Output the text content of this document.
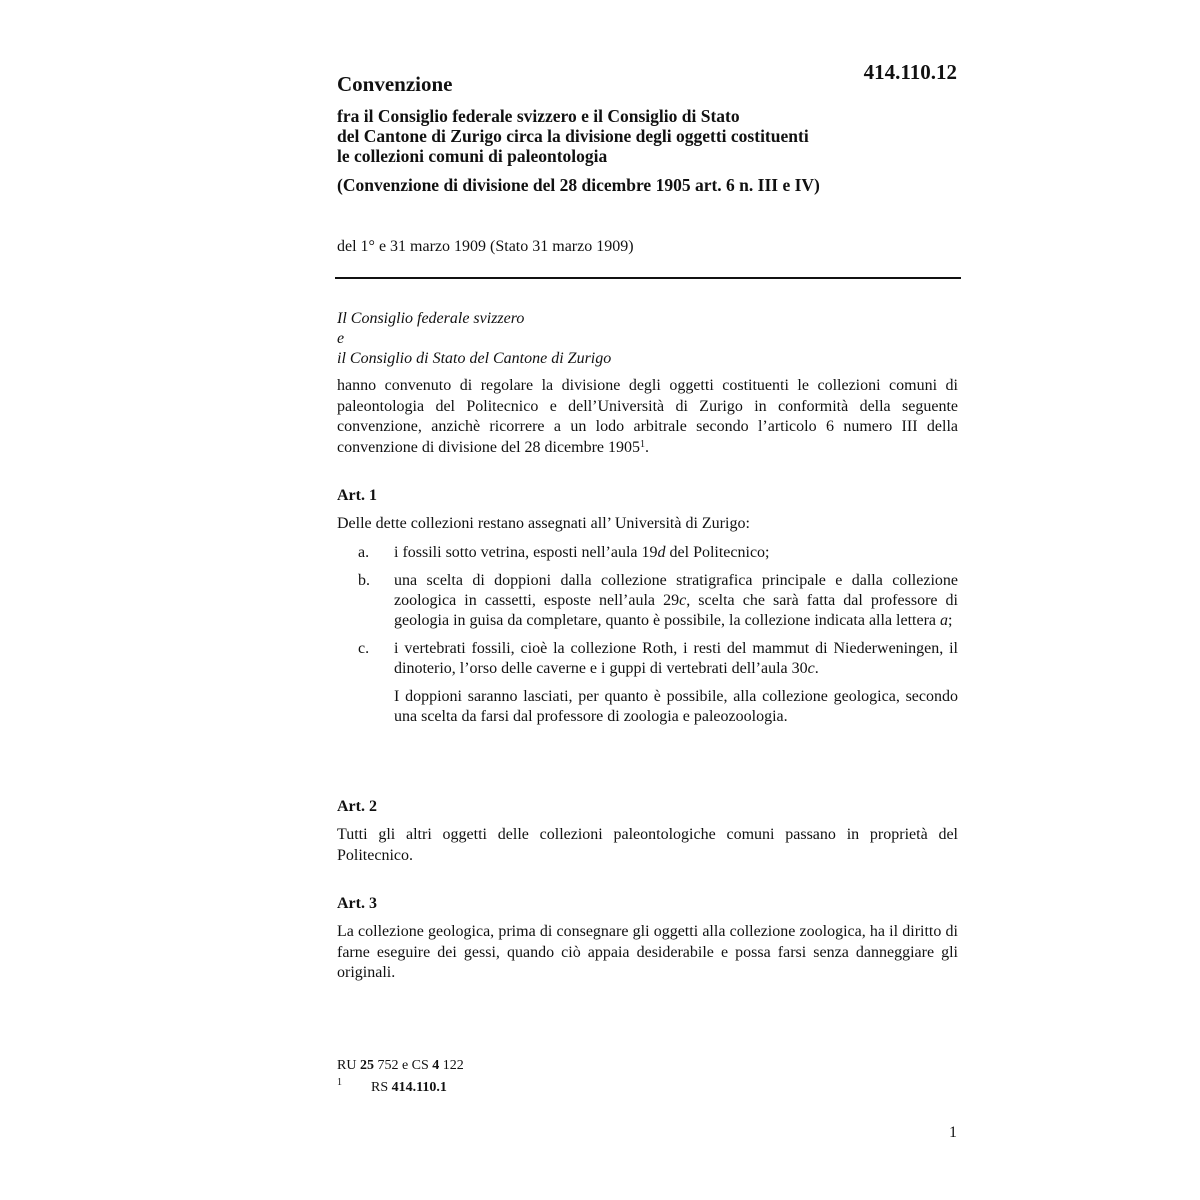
414.110.12
Convenzione
fra il Consiglio federale svizzero e il Consiglio di Stato
del Cantone di Zurigo circa la divisione degli oggetti costituenti
le collezioni comuni di paleontologia
(Convenzione di divisione del 28 dicembre 1905 art. 6 n. III e IV)
del 1° e 31 marzo 1909 (Stato 31 marzo 1909)
Il Consiglio federale svizzero
e
il Consiglio di Stato del Cantone di Zurigo

hanno convenuto di regolare la divisione degli oggetti costituenti le collezioni comuni di paleontologia del Politecnico e dell’Università di Zurigo in conformità della seguente convenzione, anzichè ricorrere a un lodo arbitrale secondo l’articolo 6 numero III della convenzione di divisione del 28 dicembre 1905$^1$.

Art. 1

Delle dette collezioni restano assegnati all’ Università di Zurigo:

a. i fossili sotto vetrina, esposti nell’aula 19d del Politecnico;
b. una scelta di doppioni dalla collezione stratigrafica principale e dalla collezione zoologica in cassetti, esposte nell’aula 29c, scelta che sarà fatta dal professore di geologia in guisa da completare, quanto è possibile, la collezione indicata alla lettera a;
c. i vertebrati fossili, cioè la collezione Roth, i resti del mammut di Niederweningen, il dinoterio, l’orso delle caverne e i guppi di vertebrati dell’aula 30c.
I doppioni saranno lasciati, per quanto è possibile, alla collezione geologica, secondo una scelta da farsi dal professore di zoologia e paleozoologia.
Art. 2

Tutti gli altri oggetti delle collezioni paleontologiche comuni passano in proprietà del Politecnico.

Art. 3

La collezione geologica, prima di consegnare gli oggetti alla collezione zoologica, ha il diritto di farne eseguire dei gessi, quando ciò appaia desiderabile e possa farsi senza danneggiare gli originali.

RU 25 752 e CS 4 122
1 RS 414.110.1
1
